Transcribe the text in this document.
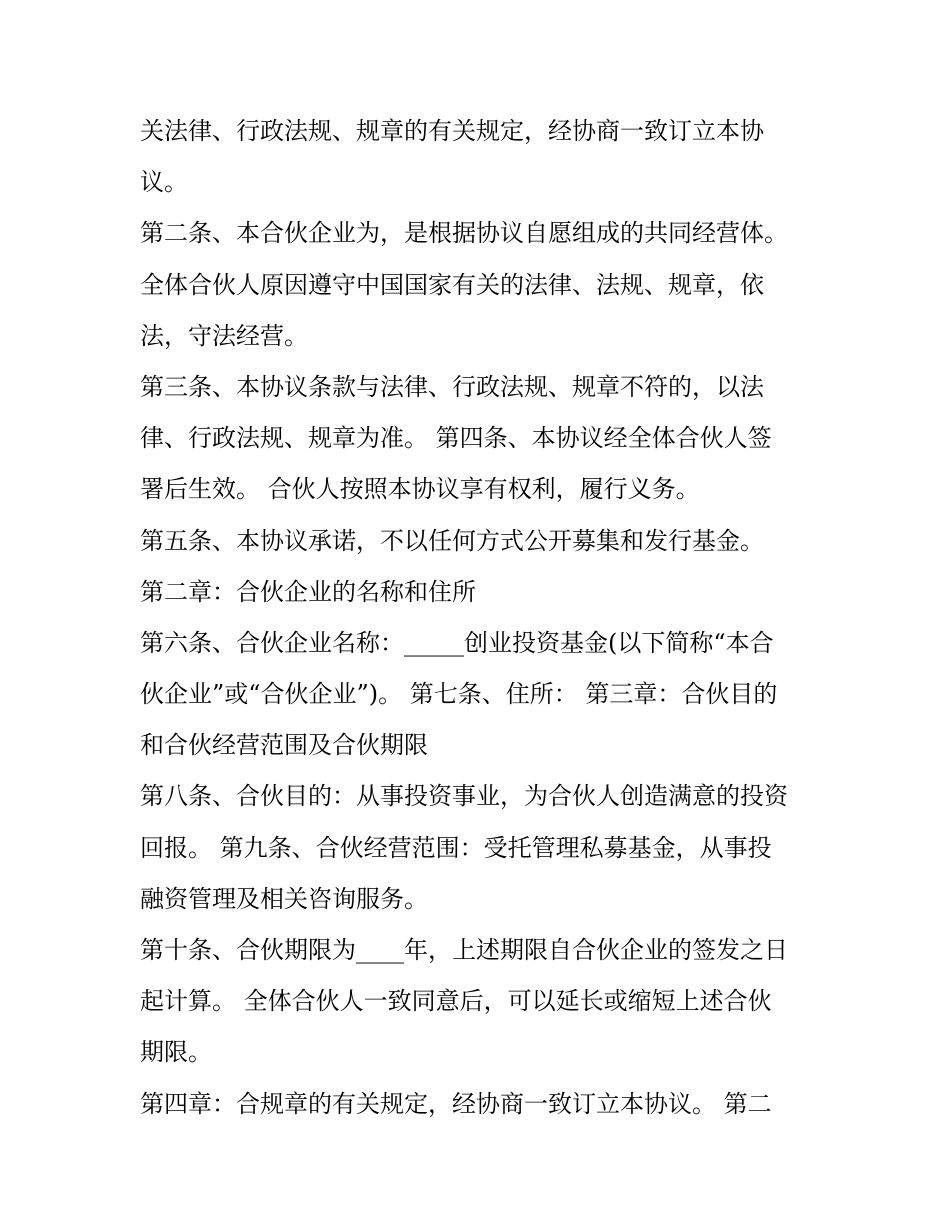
关法律、行政法规、规章的有关规定，经协商一致订立本协
议。
第二条、本合伙企业为，是根据协议自愿组成的共同经营体。
全体合伙人原因遵守中国国家有关的法律、法规、规章，依
法，守法经营。
第三条、本协议条款与法律、行政法规、规章不符的，以法
律、行政法规、规章为准。 第四条、本协议经全体合伙人签
署后生效。 合伙人按照本协议享有权利，履行义务。
第五条、本协议承诺，不以任何方式公开募集和发行基金。
第二章：合伙企业的名称和住所
第六条、合伙企业名称：_____创业投资基金(以下简称“本合
伙企业”或“合伙企业”)。 第七条、住所： 第三章：合伙目的
和合伙经营范围及合伙期限
第八条、合伙目的：从事投资事业，为合伙人创造满意的投资
回报。 第九条、合伙经营范围：受托管理私募基金，从事投
融资管理及相关咨询服务。
第十条、合伙期限为____年，上述期限自合伙企业的签发之日
起计算。 全体合伙人一致同意后，可以延长或缩短上述合伙
期限。
第四章：合规章的有关规定，经协商一致订立本协议。 第二
